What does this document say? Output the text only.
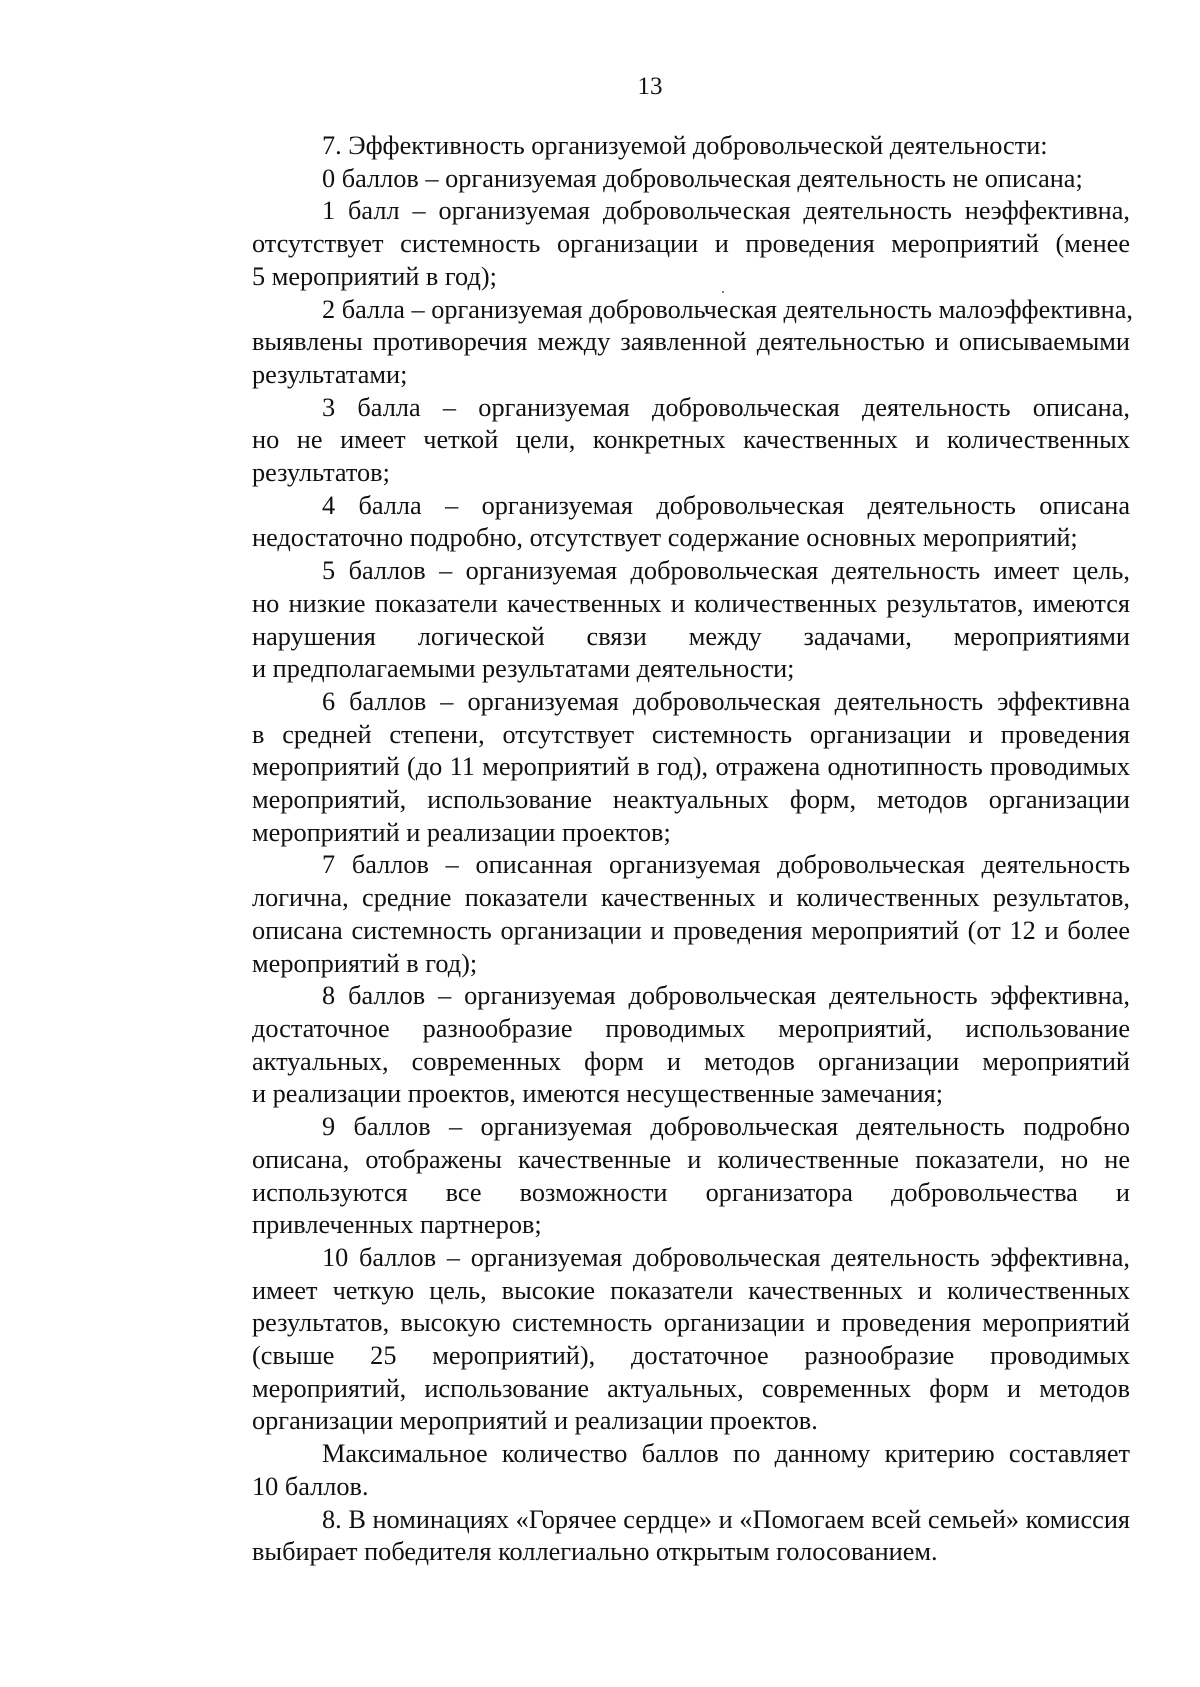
13
7. Эффективность организуемой добровольческой деятельности:
0 баллов – организуемая добровольческая деятельность не описана;
1 балл – организуемая добровольческая деятельность неэффективна,
отсутствует системность организации и проведения мероприятий (менее
5 мероприятий в год);
2 балла – организуемая добровольческая деятельность малоэффективна,
выявлены противоречия между заявленной деятельностью и описываемыми
результатами;
3 балла – организуемая добровольческая деятельность описана,
но не имеет четкой цели, конкретных качественных и количественных
результатов;
4 балла – организуемая добровольческая деятельность описана
недостаточно подробно, отсутствует содержание основных мероприятий;
5 баллов – организуемая добровольческая деятельность имеет цель,
но низкие показатели качественных и количественных результатов, имеются
нарушения логической связи между задачами, мероприятиями
и предполагаемыми результатами деятельности;
6 баллов – организуемая добровольческая деятельность эффективна
в средней степени, отсутствует системность организации и проведения
мероприятий (до 11 мероприятий в год), отражена однотипность проводимых
мероприятий, использование неактуальных форм, методов организации
мероприятий и реализации проектов;
7 баллов – описанная организуемая добровольческая деятельность
логична, средние показатели качественных и количественных результатов,
описана системность организации и проведения мероприятий (от 12 и более
мероприятий в год);
8 баллов – организуемая добровольческая деятельность эффективна,
достаточное разнообразие проводимых мероприятий, использование
актуальных, современных форм и методов организации мероприятий
и реализации проектов, имеются несущественные замечания;
9 баллов – организуемая добровольческая деятельность подробно
описана, отображены качественные и количественные показатели, но не
используются все возможности организатора добровольчества и
привлеченных партнеров;
10 баллов – организуемая добровольческая деятельность эффективна,
имеет четкую цель, высокие показатели качественных и количественных
результатов, высокую системность организации и проведения мероприятий
(свыше 25 мероприятий), достаточное разнообразие проводимых
мероприятий, использование актуальных, современных форм и методов
организации мероприятий и реализации проектов.
Максимальное количество баллов по данному критерию составляет
10 баллов.
8. В номинациях «Горячее сердце» и «Помогаем всей семьей» комиссия
выбирает победителя коллегиально открытым голосованием.
